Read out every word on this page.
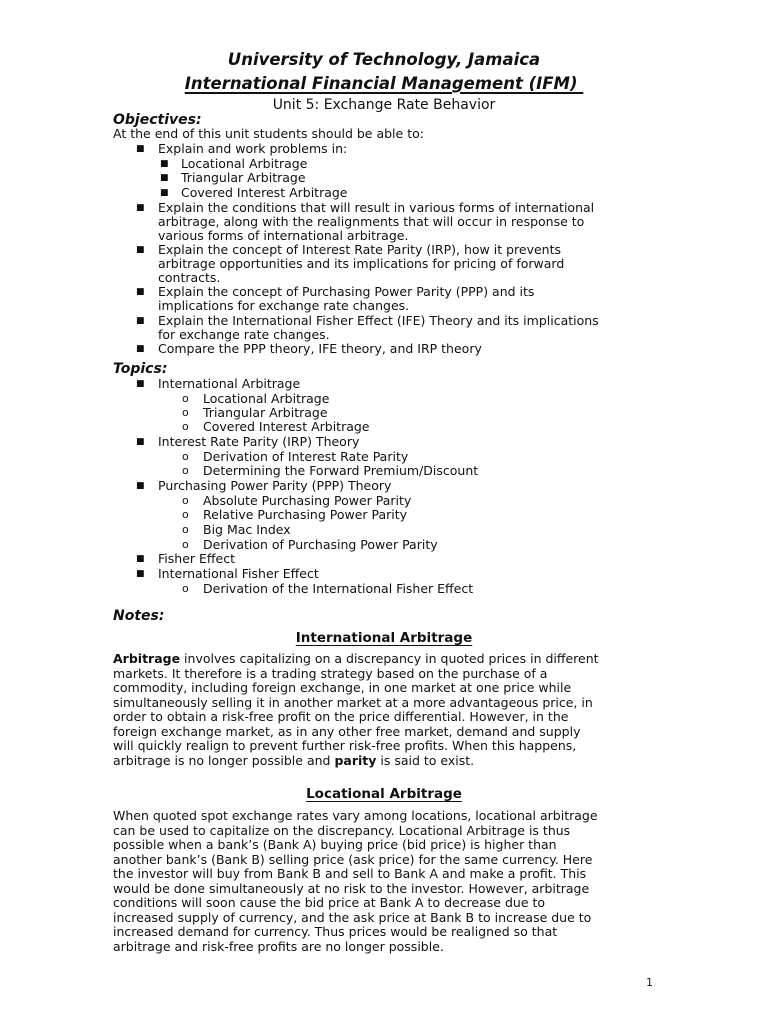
University of Technology, Jamaica
International Financial Management (IFM)
Unit 5: Exchange Rate Behavior
Objectives:
At the end of this unit students should be able to:
■ Explain and work problems in:
■ Locational Arbitrage
■ Triangular Arbitrage
■ Covered Interest Arbitrage
■ Explain the conditions that will result in various forms of international
arbitrage, along with the realignments that will occur in response to
various forms of international arbitrage.
■ Explain the concept of Interest Rate Parity (IRP), how it prevents
arbitrage opportunities and its implications for pricing of forward
contracts.
■ Explain the concept of Purchasing Power Parity (PPP) and its
implications for exchange rate changes.
■ Explain the International Fisher Effect (IFE) Theory and its implications
for exchange rate changes.
■ Compare the PPP theory, IFE theory, and IRP theory
Topics:
■ International Arbitrage
o Locational Arbitrage
o Triangular Arbitrage
o Covered Interest Arbitrage
■ Interest Rate Parity (IRP) Theory
o Derivation of Interest Rate Parity
o Determining the Forward Premium/Discount
■ Purchasing Power Parity (PPP) Theory
o Absolute Purchasing Power Parity
o Relative Purchasing Power Parity
o Big Mac Index
o Derivation of Purchasing Power Parity
■ Fisher Effect
■ International Fisher Effect
o Derivation of the International Fisher Effect
Notes:
International Arbitrage
Arbitrage involves capitalizing on a discrepancy in quoted prices in different
markets. It therefore is a trading strategy based on the purchase of a
commodity, including foreign exchange, in one market at one price while
simultaneously selling it in another market at a more advantageous price, in
order to obtain a risk-free profit on the price differential. However, in the
foreign exchange market, as in any other free market, demand and supply
will quickly realign to prevent further risk-free profits. When this happens,
arbitrage is no longer possible and parity is said to exist.
Locational Arbitrage
When quoted spot exchange rates vary among locations, locational arbitrage
can be used to capitalize on the discrepancy. Locational Arbitrage is thus
possible when a bank’s (Bank A) buying price (bid price) is higher than
another bank’s (Bank B) selling price (ask price) for the same currency. Here
the investor will buy from Bank B and sell to Bank A and make a profit. This
would be done simultaneously at no risk to the investor. However, arbitrage
conditions will soon cause the bid price at Bank A to decrease due to
increased supply of currency, and the ask price at Bank B to increase due to
increased demand for currency. Thus prices would be realigned so that
arbitrage and risk-free profits are no longer possible.
1
